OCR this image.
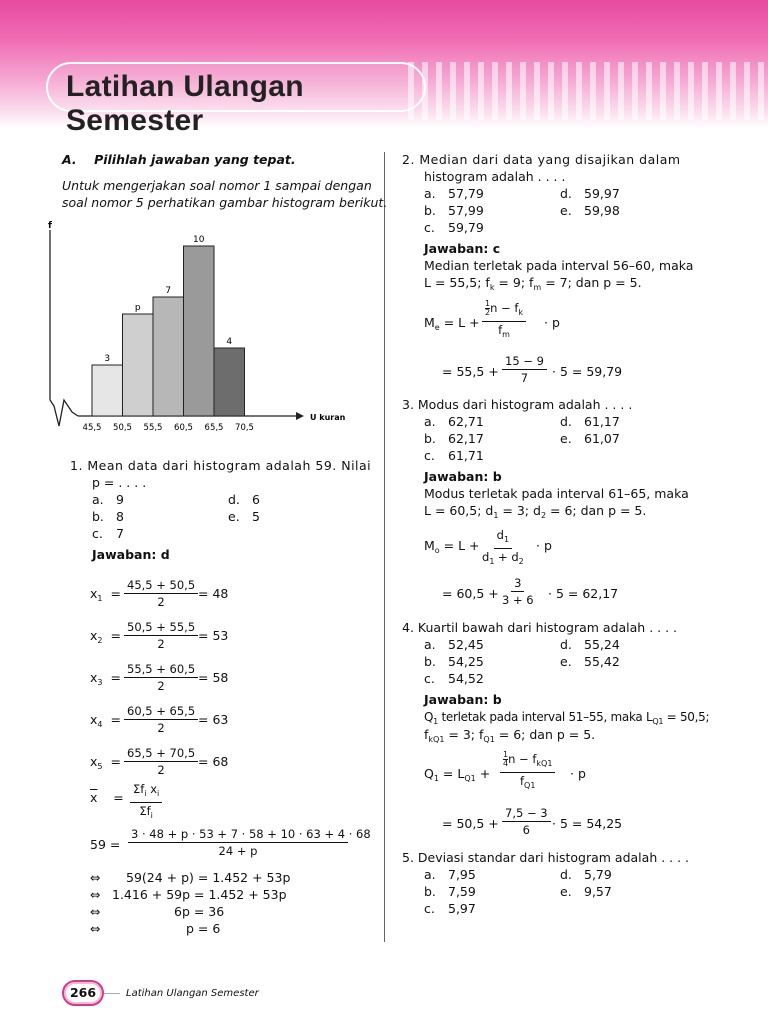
Latihan Ulangan Semester
A. Pilihlah jawaban yang tepat.
Untuk mengerjakan soal nomor 1 sampai dengan
soal nomor 5 perhatikan gambar histogram berikut.
f
U kuran
3
p
7
10
4
45,5 50,5 55,5 60,5 65,5 70,5
1. Mean data dari histogram adalah 59. Nilai
p = . . . .
a. 9	d. 6
b. 8	e. 5
c. 7
Jawaban: d
$x_1 = \frac{45,5 + 50,5}{2} = 48$
$x_2 = \frac{50,5 + 55,5}{2} = 53$
$x_3 = \frac{55,5 + 60,5}{2} = 58$
$x_4 = \frac{60,5 + 65,5}{2} = 63$
$x_5 = \frac{65,5 + 70,5}{2} = 68$
$\overline{x}$    =
$\Sigma f_i$ $x_i$
$\Sigma f_i$
$59 = \frac{3 \cdot 48 + p \cdot 53 + 7 \cdot 58 + 10 \cdot 63 + 4 \cdot 68}{24 + p}$
⇔ 59(24 + p) = 1.452 + 53p
⇔ 1.416 + 59p = 1.452 + 53p
⇔	6p = 36
⇔	p = 6
2. Median dari data yang disajikan dalam
histogram adalah . . . .
a. 57,79	d. 59,97
b. 57,99	e. 59,98
c. 59,79
Jawaban: c
Median terletak pada interval 56–60, maka
L = 55,5; $f_k = 9$; $f_m = 7$; dan p = 5.
$M_e = L + \frac{\frac{1}{2} n - f_k}{f_m} \cdot p$
= $55,5 + \frac{15 - 9}{7} \cdot 5 = 59,79$
3. Modus dari histogram adalah . . . .
a. 62,71	d. 61,17
b. 62,17	e. 61,07
c. 61,71
Jawaban: b
Modus terletak pada interval 61–65, maka
L = 60,5; $d_1 = 3$; $d_2 = 6$; dan p = 5.
$M_o = L + \frac{d_1}{d_1 + d_2} \cdot p$
= $60,5 + \frac{3}{3 + 6} \cdot 5 = 62,17$
4. Kuartil bawah dari histogram adalah . . . .
a. 52,45	d. 55,24
b. 54,25	e. 55,42
c. 54,52
Jawaban: b
$Q_1$ terletak pada interval 51–55, maka $L_{Q1} = 50,5$;
$f_{kQ1} = 3$; $f_{Q1} = 6$; dan p = 5.
$Q_1 = L_{Q1}$ +
$\frac{1}{4}$ $n - f_{kQ1}$
$f_{Q1}$
· p
= $50,5 + \frac{7,5 - 3}{6} \cdot 5 = 54,25$
5. Deviasi standar dari histogram adalah . . . .
a. 7,95	d. 5,79
b. 7,59	e. 9,57
c. 5,97
266	Latihan Ulangan Semester
